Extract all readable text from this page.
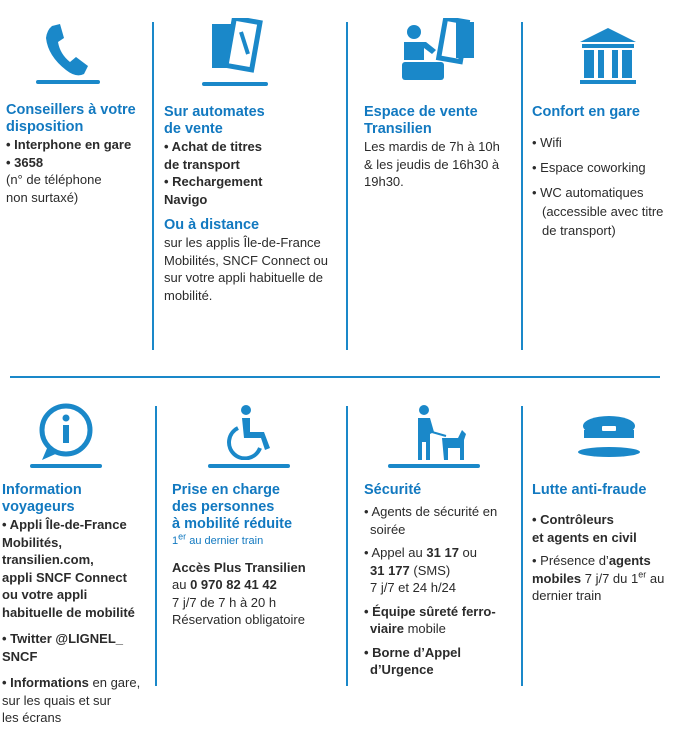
Conseillers à votre
disposition
• Interphone en gare
• 3658
(n° de téléphone
non surtaxé)
Sur automates
de vente
• Achat de titres
de transport
• Rechargement
Navigo
Ou à distance
sur les applis Île-de-France
Mobilités, SNCF Connect ou
sur votre appli habituelle de
mobilité.
Espace de vente
Transilien
Les mardis de 7h à 10h
& les jeudis de 16h30 à
19h30.
Confort en gare
• Wifi
• Espace coworking
• WC automatiques
(accessible avec titre
de transport)
Information
voyageurs
• Appli Île-de-France
Mobilités,
transilien.com,
appli SNCF Connect
ou votre appli
habituelle de mobilité
• Twitter @LIGNEL_
SNCF
• Informations en gare,
sur les quais et sur
les écrans
Prise en charge
des personnes
à mobilité réduite
1er au dernier train
Accès Plus Transilien
au 0 970 82 41 42
7 j/7 de 7 h à 20 h
Réservation obligatoire
Sécurité
• Agents de sécurité en
soirée
• Appel au 31 17 ou
31 177 (SMS)
7 j/7 et 24 h/24
• Équipe sûreté ferro-
viaire mobile
• Borne d’Appel
d’Urgence
Lutte anti-fraude
• Contrôleurs
et agents en civil
• Présence d’agents
mobiles 7 j/7 du 1er au
dernier train
